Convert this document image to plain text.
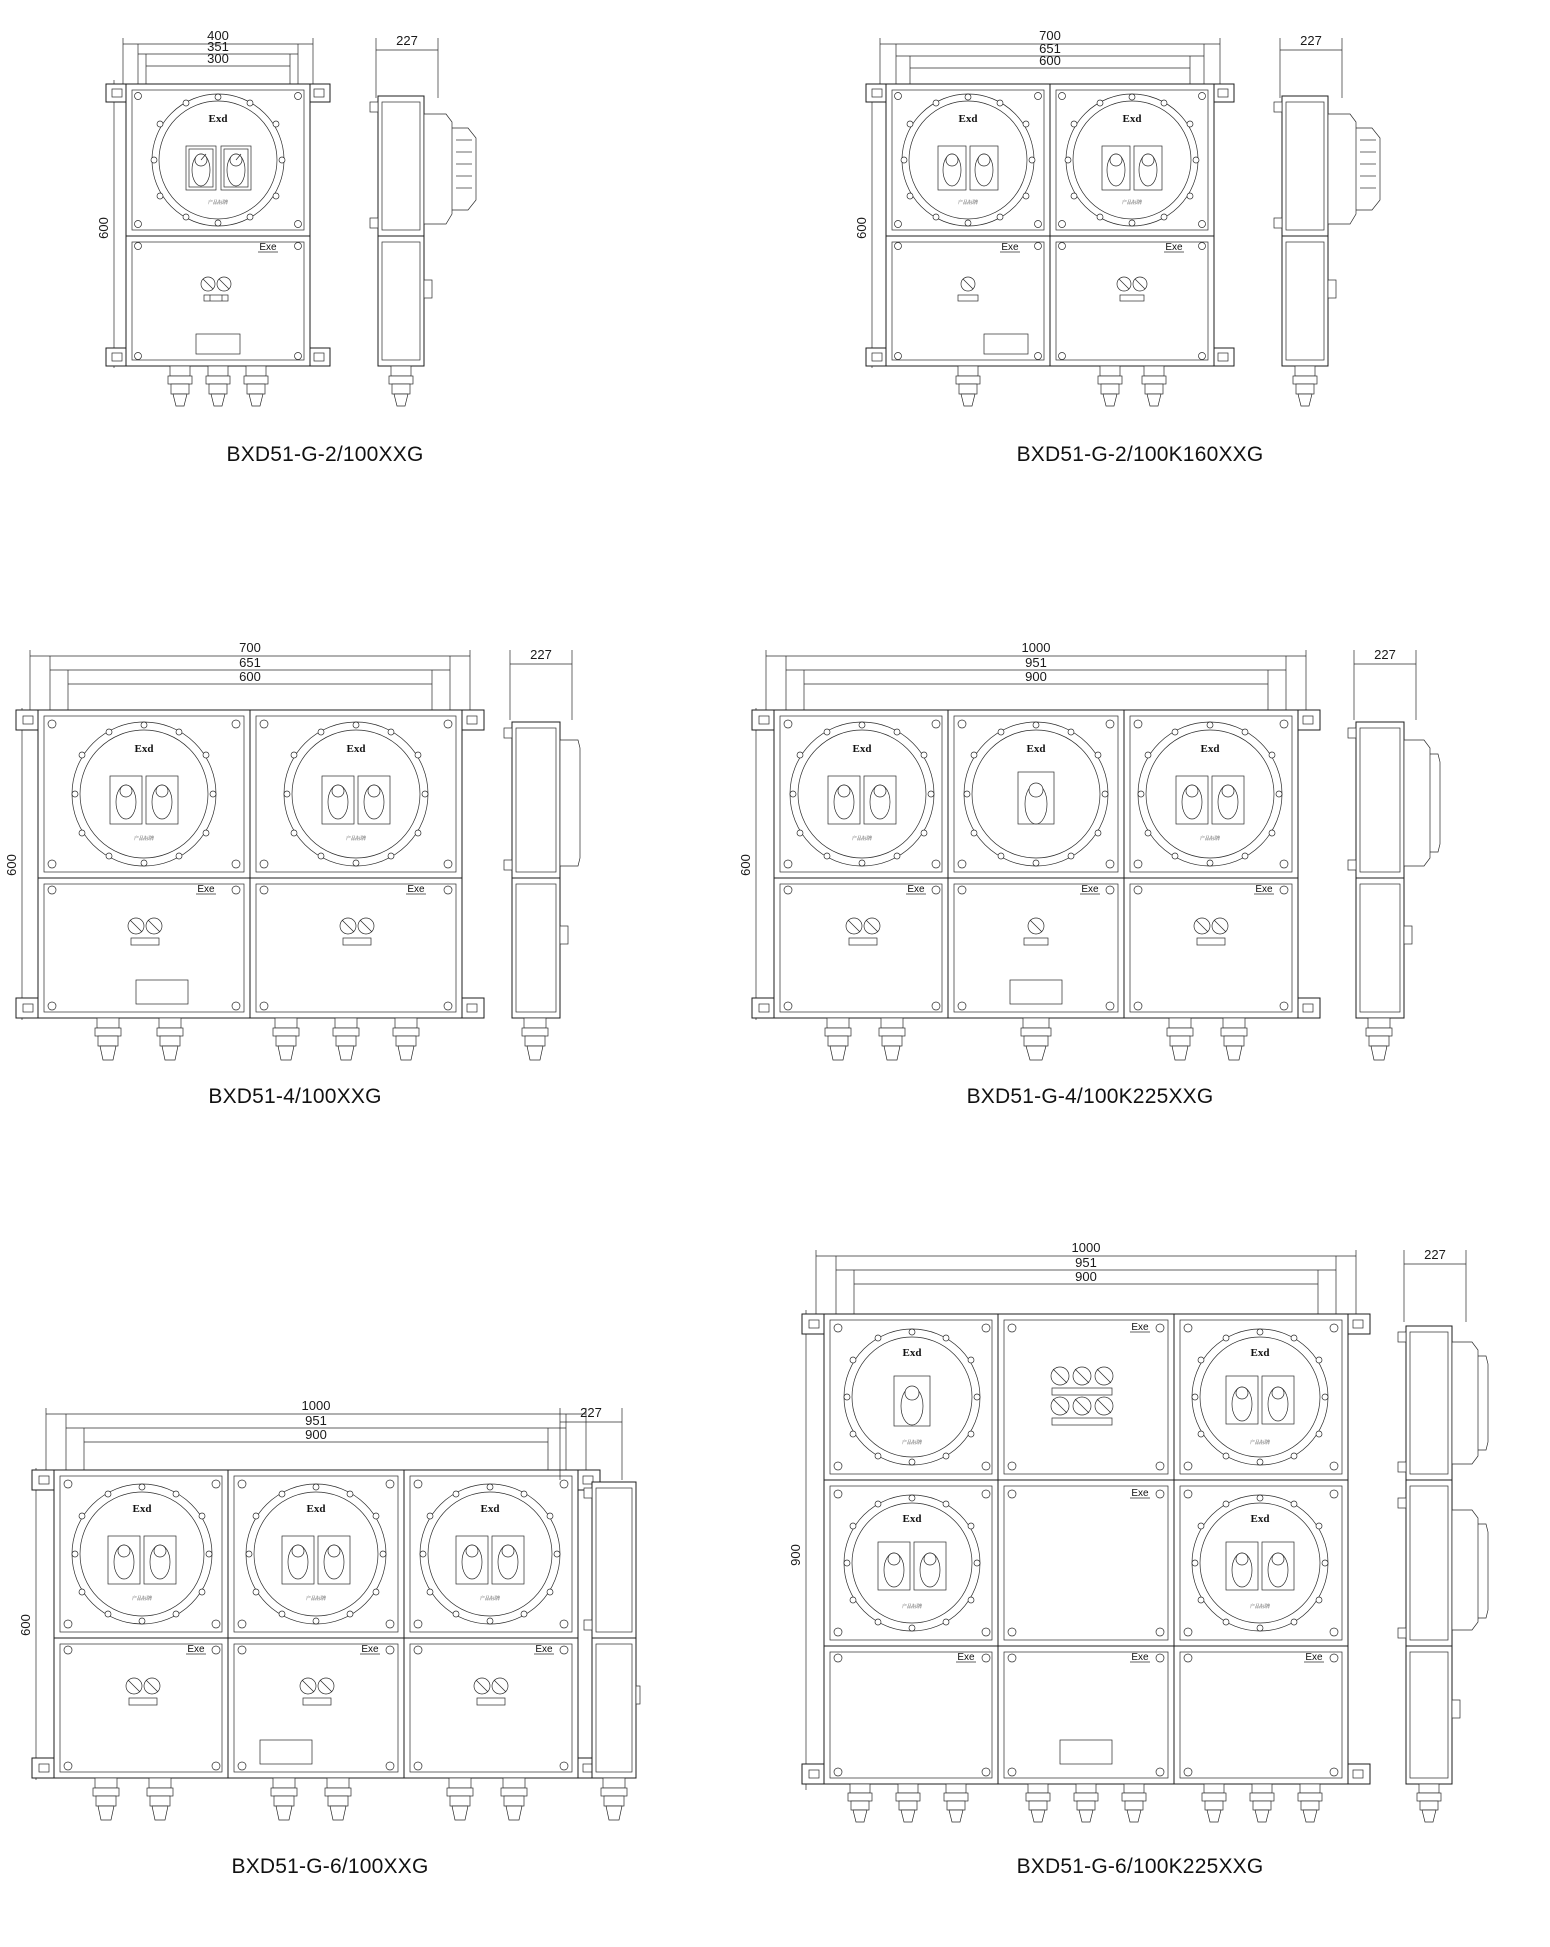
400
351
300
600
Exd
产品标牌
Exe
227
BXD51-G-2/100XXG
700
651
600
600
Exd	Exd
产品标牌	产品标牌
Exe	Exe
227
BXD51-G-2/100K160XXG
700
651
600
600
Exd	Exd
产品标牌	产品标牌
Exe	Exe
227
BXD51-4/100XXG
1000
951
900
600
Exd	Exd	Exd
产品标牌	产品标牌
Exe	Exe	Exe
227
BXD51-G-4/100K225XXG
1000
951
900
600
Exd	Exd	Exd
产品标牌	产品标牌	产品标牌
Exe	Exe	Exe
227
BXD51-G-6/100XXG
1000
951
900
900
Exd	Exd
Exe
产品标牌	产品标牌
Exd	Exd
Exe
产品标牌	产品标牌
Exe	Exe	Exe
227
BXD51-G-6/100K225XXG
